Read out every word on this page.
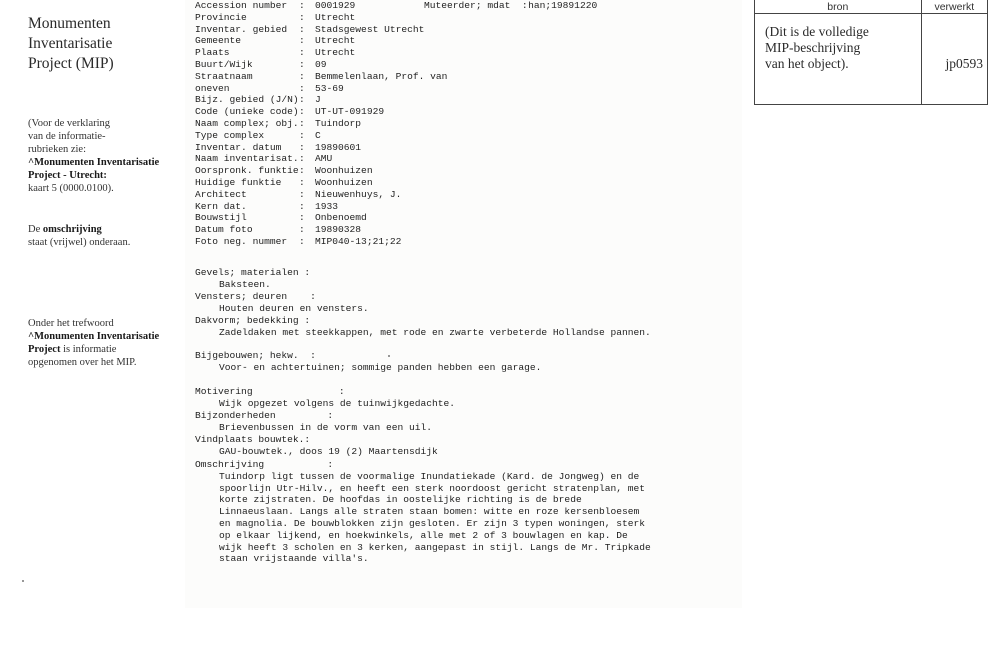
Monumenten
Inventarisatie
Project (MIP)
(Voor de verklaring
van de informatie-
rubrieken zie:
^Monumenten Inventarisatie
Project - Utrecht:
kaart 5 (0000.0100).
De omschrijving
staat (vrijwel) onderaan.
Onder het trefwoord
^Monumenten Inventarisatie
Project is informatie
opgenomen over het MIP.
Muteerder; mdat  : han;19891220
Accession number	:	0001929
Provincie	:	Utrecht
Inventar. gebied	:	Stadsgewest Utrecht
Gemeente	:	Utrecht
Plaats	:	Utrecht
Buurt/Wijk	:	09
Straatnaam	:	Bemmelenlaan, Prof. van
oneven	:	53-69
Bijz. gebied (J/N) :	J
Code (unieke code) :	UT-UT-091929
Naam complex; obj. :	Tuindorp
Type complex	:	C
Inventar. datum	:	19890601
Naam inventarisat. :	AMU
Oorspronk. funktie :	Woonhuizen
Huidige funktie	:	Woonhuizen
Architect	:	Nieuwenhuys, J.
Kern dat.	:	1933
Bouwstijl	:	Onbenoemd
Datum foto	:	19890328
Foto neg. nummer	:	MIP040-13;21;22
Gevels; materialen :
Baksteen.
Vensters; deuren    :
Houten deuren en vensters.
Dakvorm; bedekking :
Zadeldaken met steekkappen, met rode en zwarte verbeterde Hollandse pannen.
Bijgebouwen; hekw.  :
Voor- en achtertuinen; sommige panden hebben een garage.
Motivering               :
Wijk opgezet volgens de tuinwijkgedachte.
Bijzonderheden         :
Brievenbussen in de vorm van een uil.
Vindplaats bouwtek.:
GAU-bouwtek., doos 19 (2) Maartensdijk
Omschrijving           :
Tuindorp ligt tussen de voormalige Inundatiekade (Kard. de Jongweg) en de
spoorlijn Utr-Hilv., en heeft een sterk noordoost gericht stratenplan, met
korte zijstraten. De hoofdas in oostelijke richting is de brede
Linnaeuslaan. Langs alle straten staan bomen: witte en roze kersenbloesem
en magnolia. De bouwblokken zijn gesloten. Er zijn 3 typen woningen, sterk
op elkaar lijkend, en hoekwinkels, alle met 2 of 3 bouwlagen en kap. De
wijk heeft 3 scholen en 3 kerken, aangepast in stijl. Langs de Mr. Tripkade
staan vrijstaande villa's.
bron	verwerkt

(Dit is de volledige
MIP-beschrijving
van het object).	jp0593
